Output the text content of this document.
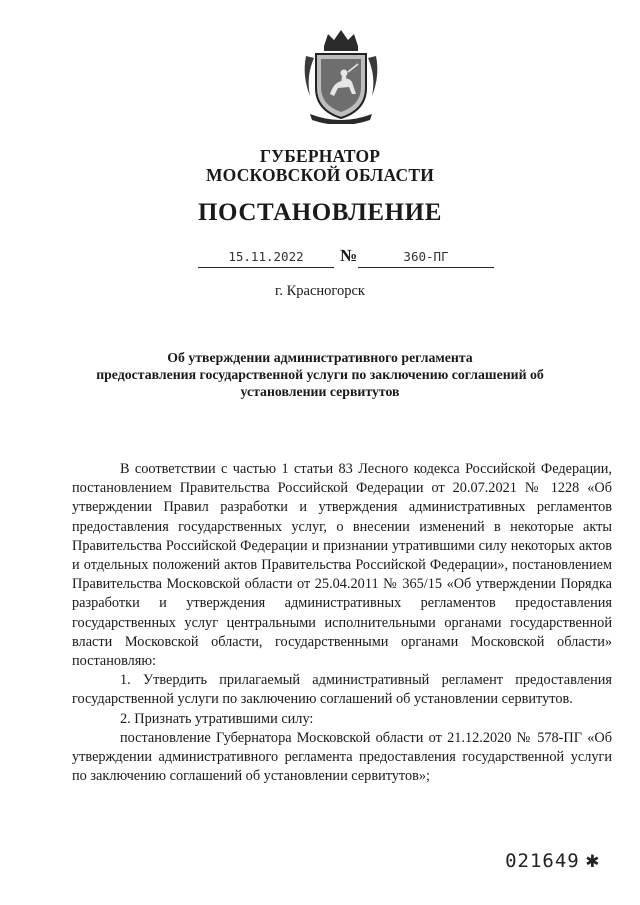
ГУБЕРНАТОР
МОСКОВСКОЙ ОБЛАСТИ
ПОСТАНОВЛЕНИЕ
15.11.2022	№	360-ПГ
г. Красногорск
Об утверждении административного регламента
предоставления государственной услуги по заключению соглашений об
установлении сервитутов

В соответствии с частью 1 статьи 83 Лесного кодекса Российской Федерации, постановлением Правительства Российской Федерации от 20.07.2021 № 1228 «Об утверждении Правил разработки и утверждения административных регламентов предоставления государственных услуг, о внесении изменений в некоторые акты Правительства Российской Федерации и признании утратившими силу некоторых актов и отдельных положений актов Правительства Российской Федерации», постановлением Правительства Московской области от 25.04.2011 № 365/15 «Об утверждении Порядка разработки и утверждения административных регламентов предоставления государственных услуг центральными исполнительными органами государственной власти Московской области, государственными органами Московской области» постановляю:

1. Утвердить прилагаемый административный регламент предоставления государственной услуги по заключению соглашений об установлении сервитутов.

2. Признать утратившими силу:

постановление Губернатора Московской области от 21.12.2020 № 578-ПГ «Об утверждении административного регламента предоставления государственной услуги по заключению соглашений об установлении сервитутов»;

021649 ✱
